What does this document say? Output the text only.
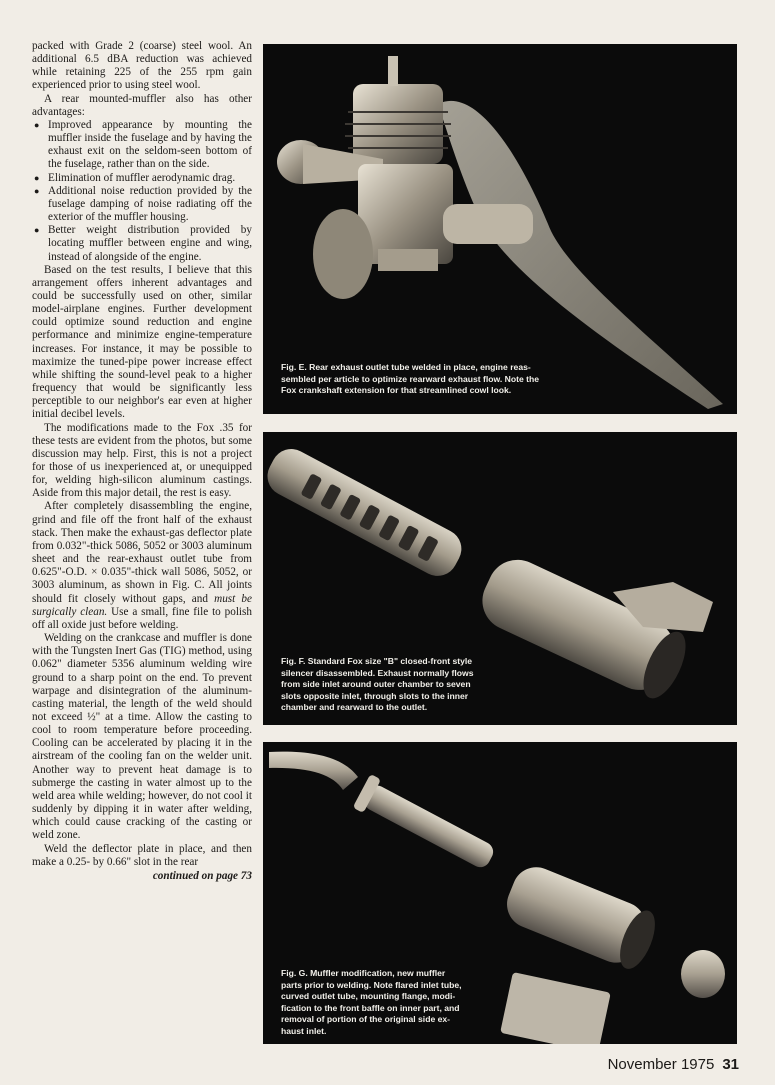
packed with Grade 2 (coarse) steel wool. An additional 6.5 dBA reduction was achieved while retaining 225 of the 255 rpm gain experienced prior to using steel wool.

A rear mounted-muffler also has other advantages:

● Improved appearance by mounting the muffler inside the fuselage and by having the exhaust exit on the seldom-seen bottom of the fuselage, rather than on the side.
● Elimination of muffler aerodynamic drag.
● Additional noise reduction provided by the fuselage damping of noise radiating off the exterior of the muffler housing.
● Better weight distribution provided by locating muffler between engine and wing, instead of alongside of the engine.

Based on the test results, I believe that this arrangement offers inherent advantages and could be successfully used on other, similar model-airplane engines. Further development could optimize sound reduction and engine performance and minimize engine-temperature increases. For instance, it may be possible to maximize the tuned-pipe power increase effect while shifting the sound-level peak to a higher frequency that would be significantly less perceptible to our neighbor's ear even at higher initial decibel levels.

The modifications made to the Fox .35 for these tests are evident from the photos, but some discussion may help. First, this is not a project for those of us inexperienced at, or unequipped for, welding high-silicon aluminum castings. Aside from this major detail, the rest is easy.

After completely disassembling the engine, grind and file off the front half of the exhaust stack. Then make the exhaust-gas deflector plate from 0.032"-thick 5086, 5052 or 3003 aluminum sheet and the rear-exhaust outlet tube from 0.625"-O.D. × 0.035"-thick wall 5086, 5052, or 3003 aluminum, as shown in Fig. C. All joints should fit closely without gaps, and must be surgically clean. Use a small, fine file to polish off all oxide just before welding.

Welding on the crankcase and muffler is done with the Tungsten Inert Gas (TIG) method, using 0.062" diameter 5356 aluminum welding wire ground to a sharp point on the end. To prevent warpage and disintegration of the aluminum-casting material, the length of the weld should not exceed ½" at a time. Allow the casting to cool to room temperature before proceeding. Cooling can be accelerated by placing it in the airstream of the cooling fan on the welder unit. Another way to prevent heat damage is to submerge the casting in water almost up to the weld area while welding; however, do not cool it suddenly by dipping it in water after welding, which could cause cracking of the casting or weld zone.

Weld the deflector plate in place, and then make a 0.25- by 0.66" slot in the rear

continued on page 73
Fig. E. Rear exhaust outlet tube welded in place, engine reas-
sembled per article to optimize rearward exhaust flow. Note the
Fox crankshaft extension for that streamlined cowl look.
Fig. F. Standard Fox size "B" closed-front style
silencer disassembled. Exhaust normally flows
from side inlet around outer chamber to seven
slots opposite inlet, through slots to the inner
chamber and rearward to the outlet.
Fig. G. Muffler modification, new muffler
parts prior to welding. Note flared inlet tube,
curved outlet tube, mounting flange, modi-
fication to the front baffle on inner part, and
removal of portion of the original side ex-
haust inlet.
November 1975 31
